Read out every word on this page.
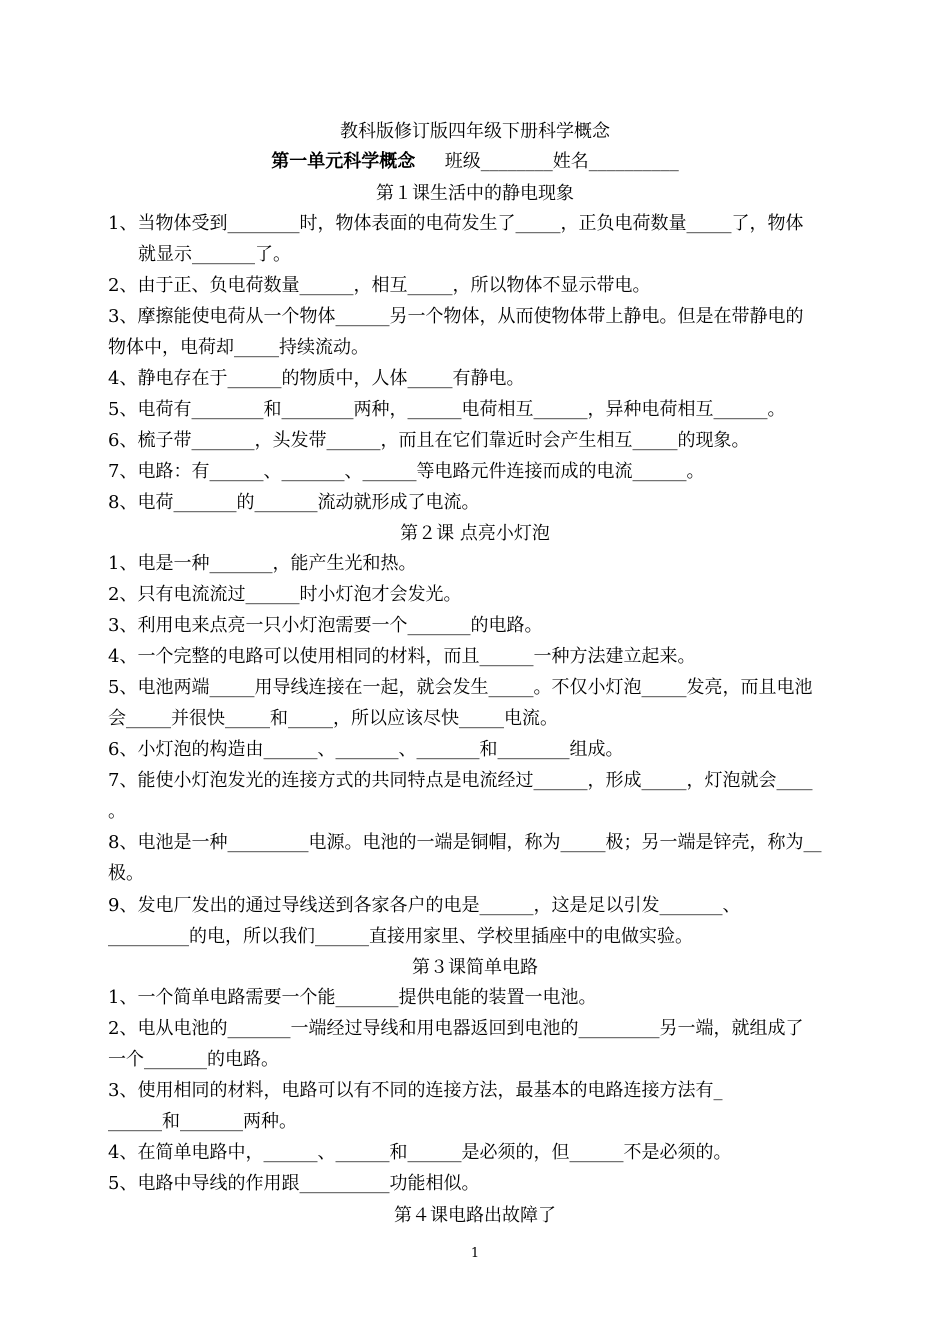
教科版修订版四年级下册科学概念
第一单元科学概念 班级________姓名__________
第１课生活中的静电现象
1、当物体受到________时，物体表面的电荷发生了_____，正负电荷数量_____了，物体
就显示_______了。
2、由于正、负电荷数量______，相互_____，所以物体不显示带电。
3、摩擦能使电荷从一个物体______另一个物体，从而使物体带上静电。但是在带静电的
物体中，电荷却_____持续流动。
4、静电存在于______的物质中，人体_____有静电。
5、电荷有________和________两种，______电荷相互______，异种电荷相互______。
6、梳子带_______，头发带______，而且在它们靠近时会产生相互_____的现象。
7、电路：有______、_______、______等电路元件连接而成的电流______。
8、电荷_______的_______流动就形成了电流。
第２课 点亮小灯泡
1、电是一种_______，能产生光和热。
2、只有电流流过______时小灯泡才会发光。
3、利用电来点亮一只小灯泡需要一个_______的电路。
4、一个完整的电路可以使用相同的材料，而且______一种方法建立起来。
5、电池两端_____用导线连接在一起，就会发生_____。不仅小灯泡_____发亮，而且电池
会_____并很快_____和_____，所以应该尽快_____电流。
6、小灯泡的构造由______、_______、_______和________组成。
7、能使小灯泡发光的连接方式的共同特点是电流经过______，形成_____，灯泡就会____
。
8、电池是一种_________电源。电池的一端是铜帽，称为_____极；另一端是锌壳，称为__
极。
9、发电厂发出的通过导线送到各家各户的电是______，这是足以引发_______、
_________的电，所以我们______直接用家里、学校里插座中的电做实验。
第３课简单电路
1、一个简单电路需要一个能_______提供电能的装置一电池。
2、电从电池的_______一端经过导线和用电器返回到电池的_________另一端，就组成了
一个_______的电路。
3、使用相同的材料，电路可以有不同的连接方法，最基本的电路连接方法有_
______和_______两种。
4、在简单电路中，______、______和______是必须的，但______不是必须的。
5、电路中导线的作用跟__________功能相似。
第４课电路出故障了
1
